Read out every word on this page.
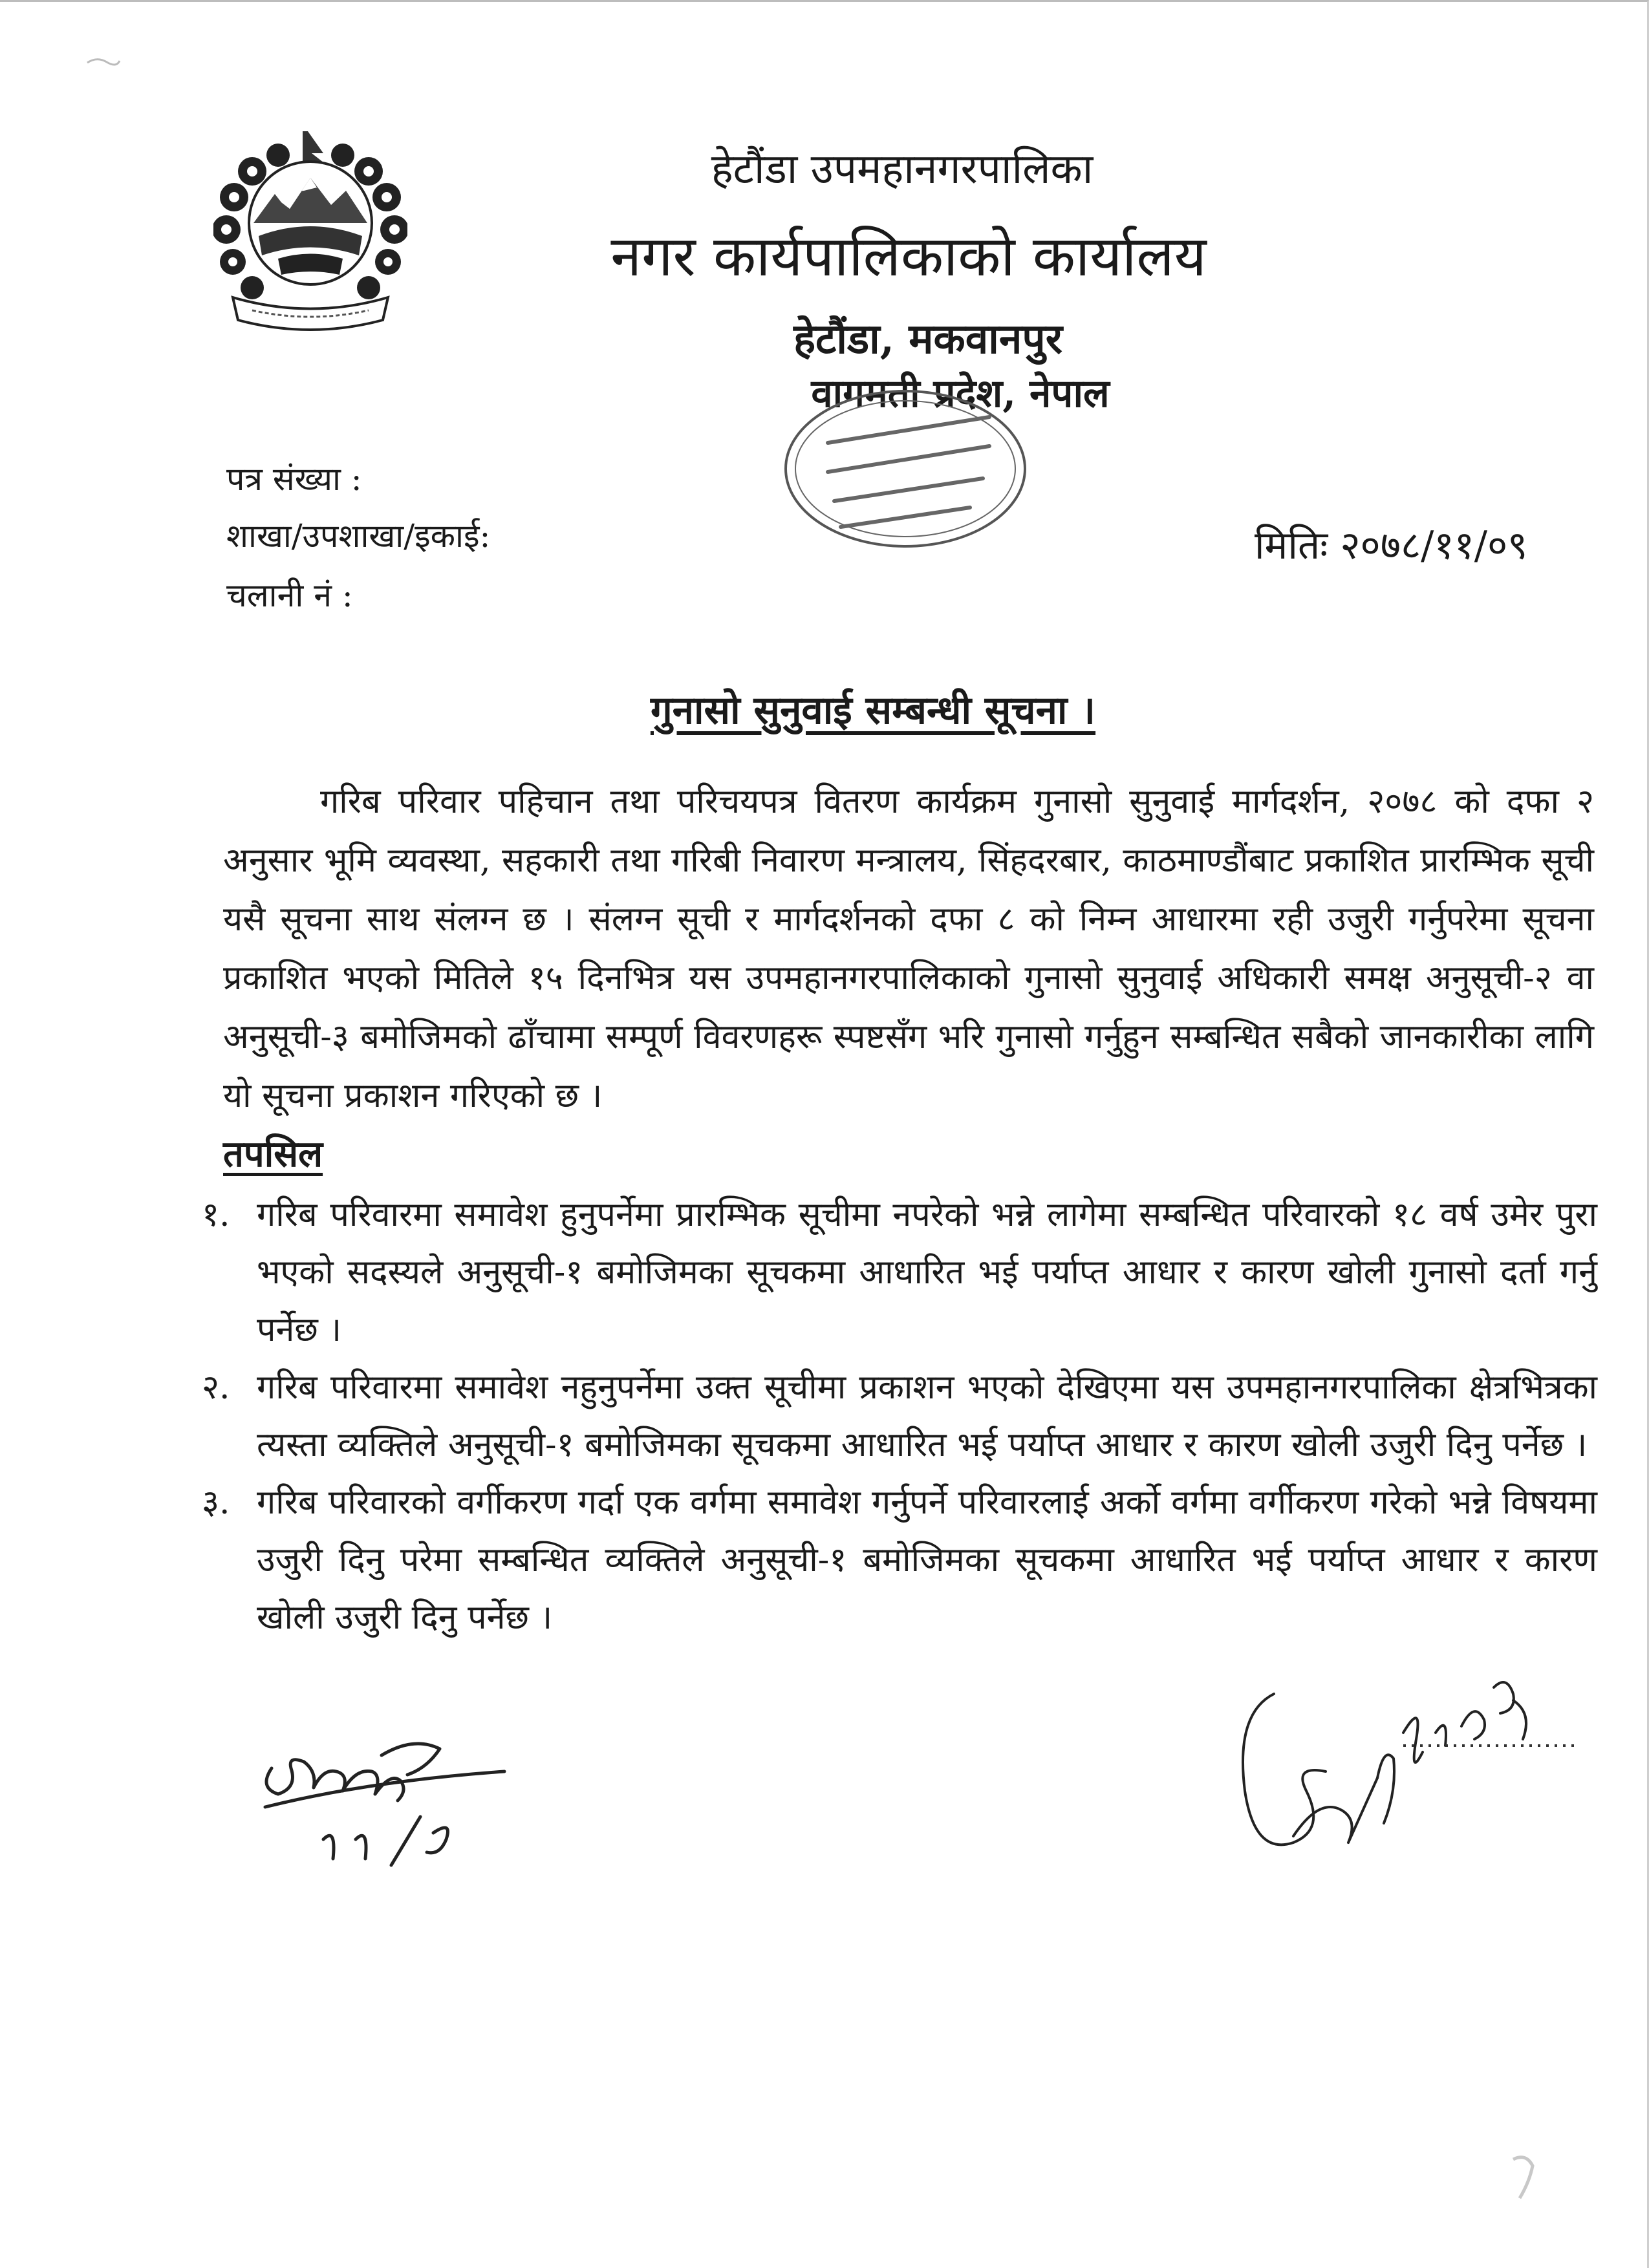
हेटौंडा उपमहानगरपालिका
नगर कार्यपालिकाको कार्यालय
हेटौंडा, मकवानपुर
वागमती प्रदेश, नेपाल
पत्र संख्या :
शाखा/उपशाखा/इकाई:
चलानी नं :
मितिः २०७८/११/०९
गुनासो सुनुवाई सम्बन्धी सूचना ।
गरिब परिवार पहिचान तथा परिचयपत्र वितरण कार्यक्रम गुनासो सुनुवाई मार्गदर्शन, २०७८ को दफा २ अनुसार भूमि व्यवस्था, सहकारी तथा गरिबी निवारण मन्त्रालय, सिंहदरबार, काठमाण्डौंबाट प्रकाशित प्रारम्भिक सूची यसै सूचना साथ संलग्न छ । संलग्न सूची र मार्गदर्शनको दफा ८ को निम्न आधारमा रही उजुरी गर्नुपरेमा सूचना प्रकाशित भएको मितिले १५ दिनभित्र यस उपमहानगरपालिकाको गुनासो सुनुवाई अधिकारी समक्ष अनुसूची-२ वा अनुसूची-३ बमोजिमको ढाँचामा सम्पूर्ण विवरणहरू स्पष्टसँग भरि गुनासो गर्नुहुन सम्बन्धित सबैको जानकारीका लागि यो सूचना प्रकाशन गरिएको छ ।
तपसिल
१. गरिब परिवारमा समावेश हुनुपर्नेमा प्रारम्भिक सूचीमा नपरेको भन्ने लागेमा सम्बन्धित परिवारको १८ वर्ष उमेर पुरा भएको सदस्यले अनुसूची-१ बमोजिमका सूचकमा आधारित भई पर्याप्त आधार र कारण खोली गुनासो दर्ता गर्नु पर्नेछ ।
२. गरिब परिवारमा समावेश नहुनुपर्नेमा उक्त सूचीमा प्रकाशन भएको देखिएमा यस उपमहानगरपालिका क्षेत्रभित्रका त्यस्ता व्यक्तिले अनुसूची-१ बमोजिमका सूचकमा आधारित भई पर्याप्त आधार र कारण खोली उजुरी दिनु पर्नेछ ।
३. गरिब परिवारको वर्गीकरण गर्दा एक वर्गमा समावेश गर्नुपर्ने परिवारलाई अर्को वर्गमा वर्गीकरण गरेको भन्ने विषयमा उजुरी दिनु परेमा सम्बन्धित व्यक्तिले अनुसूची-१ बमोजिमका सूचकमा आधारित भई पर्याप्त आधार र कारण खोली उजुरी दिनु पर्नेछ ।
